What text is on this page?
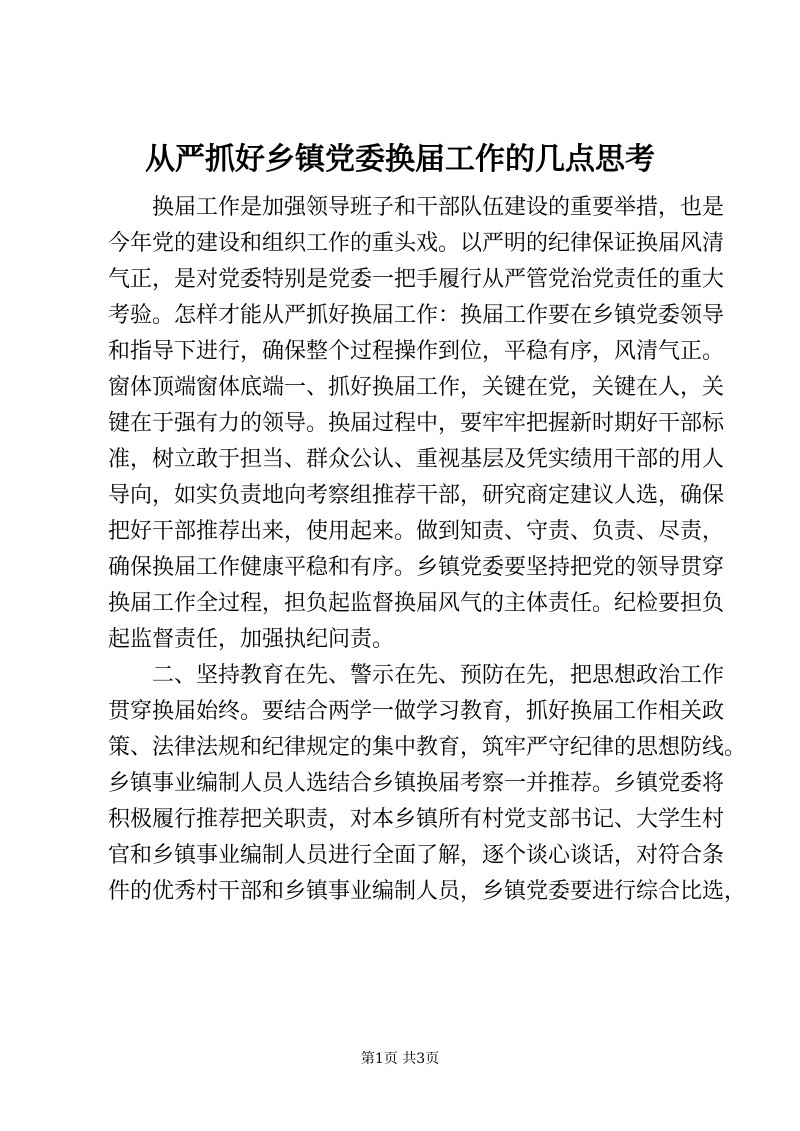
从严抓好乡镇党委换届工作的几点思考
换届工作是加强领导班子和干部队伍建设的重要举措，也是
今年党的建设和组织工作的重头戏。以严明的纪律保证换届风清
气正，是对党委特别是党委一把手履行从严管党治党责任的重大
考验。怎样才能从严抓好换届工作：换届工作要在乡镇党委领导
和指导下进行，确保整个过程操作到位，平稳有序，风清气正。
窗体顶端窗体底端一、抓好换届工作，关键在党，关键在人，关
键在于强有力的领导。换届过程中，要牢牢把握新时期好干部标
准，树立敢于担当、群众公认、重视基层及凭实绩用干部的用人
导向，如实负责地向考察组推荐干部，研究商定建议人选，确保
把好干部推荐出来，使用起来。做到知责、守责、负责、尽责，
确保换届工作健康平稳和有序。乡镇党委要坚持把党的领导贯穿
换届工作全过程，担负起监督换届风气的主体责任。纪检要担负
起监督责任，加强执纪问责。
二、坚持教育在先、警示在先、预防在先，把思想政治工作
贯穿换届始终。要结合两学一做学习教育，抓好换届工作相关政
策、法律法规和纪律规定的集中教育，筑牢严守纪律的思想防线。
乡镇事业编制人员人选结合乡镇换届考察一并推荐。乡镇党委将
积极履行推荐把关职责，对本乡镇所有村党支部书记、大学生村
官和乡镇事业编制人员进行全面了解，逐个谈心谈话，对符合条
件的优秀村干部和乡镇事业编制人员，乡镇党委要进行综合比选，
第1页 共3页
